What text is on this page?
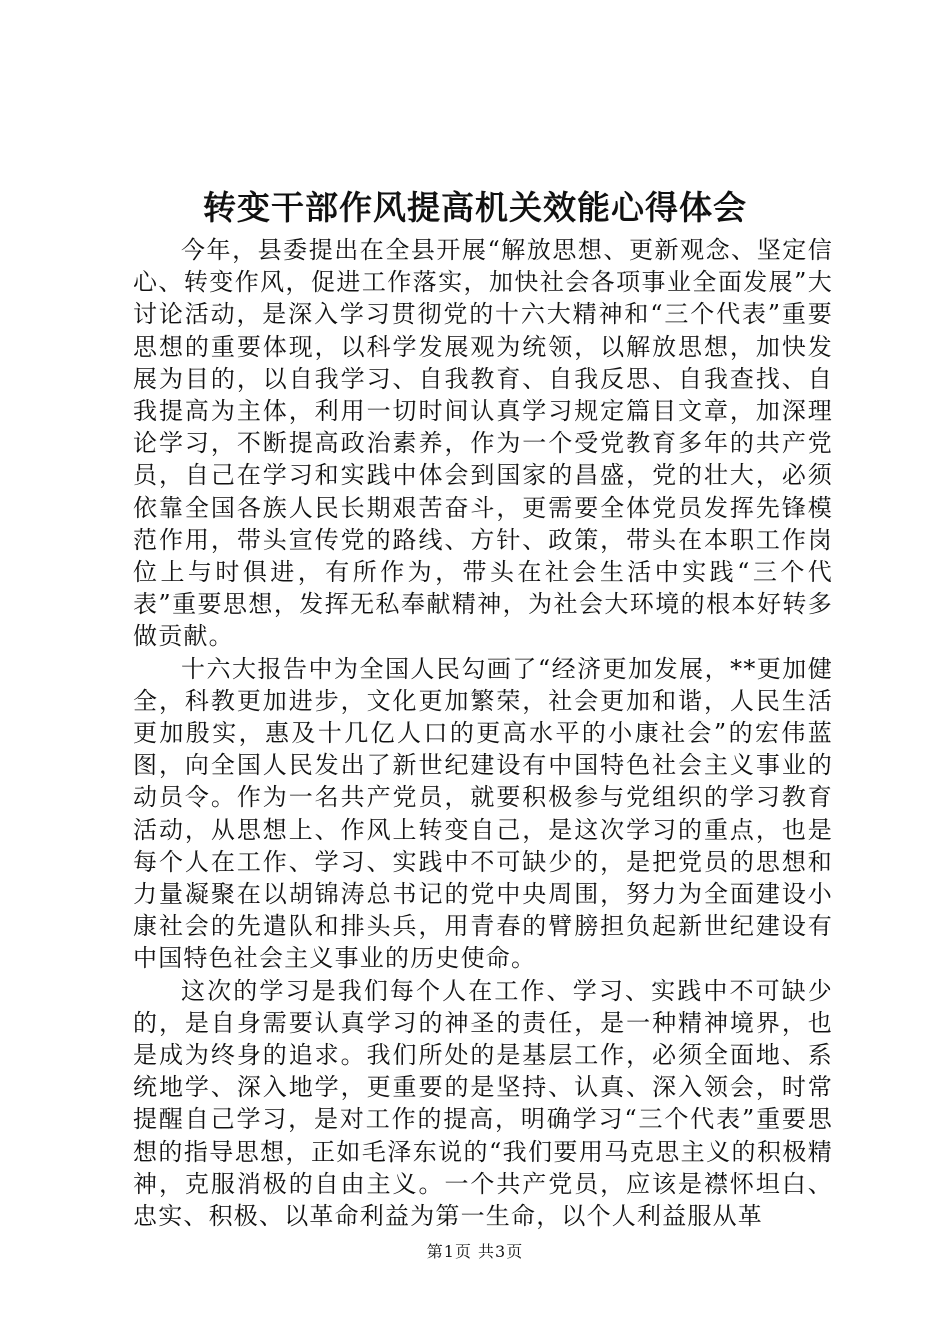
转变干部作风提高机关效能心得体会

今年，县委提出在全县开展“解放思想、更新观念、坚定信心、转变作风，促进工作落实，加快社会各项事业全面发展”大讨论活动，是深入学习贯彻党的十六大精神和“三个代表”重要思想的重要体现，以科学发展观为统领，以解放思想，加快发展为目的，以自我学习、自我教育、自我反思、自我查找、自我提高为主体，利用一切时间认真学习规定篇目文章，加深理论学习，不断提高政治素养，作为一个受党教育多年的共产党员，自己在学习和实践中体会到国家的昌盛，党的壮大，必须依靠全国各族人民长期艰苦奋斗，更需要全体党员发挥先锋模范作用，带头宣传党的路线、方针、政策，带头在本职工作岗位上与时俱进，有所作为，带头在社会生活中实践“三个代表”重要思想，发挥无私奉献精神，为社会大环境的根本好转多做贡献。

十六大报告中为全国人民勾画了“经济更加发展，**更加健全，科教更加进步，文化更加繁荣，社会更加和谐，人民生活更加殷实，惠及十几亿人口的更高水平的小康社会”的宏伟蓝图，向全国人民发出了新世纪建设有中国特色社会主义事业的动员令。作为一名共产党员，就要积极参与党组织的学习教育活动，从思想上、作风上转变自己，是这次学习的重点，也是每个人在工作、学习、实践中不可缺少的，是把党员的思想和力量凝聚在以胡锦涛总书记的党中央周围，努力为全面建设小康社会的先遣队和排头兵，用青春的臂膀担负起新世纪建设有中国特色社会主义事业的历史使命。

这次的学习是我们每个人在工作、学习、实践中不可缺少的，是自身需要认真学习的神圣的责任，是一种精神境界，也是成为终身的追求。我们所处的是基层工作，必须全面地、系统地学、深入地学，更重要的是坚持、认真、深入领会，时常提醒自己学习，是对工作的提高，明确学习“三个代表”重要思想的指导思想，正如毛泽东说的“我们要用马克思主义的积极精神，克服消极的自由主义。一个共产党员，应该是襟怀坦白、忠实、积极、以革命利益为第一生命，以个人利益服从革

第1页 共3页
